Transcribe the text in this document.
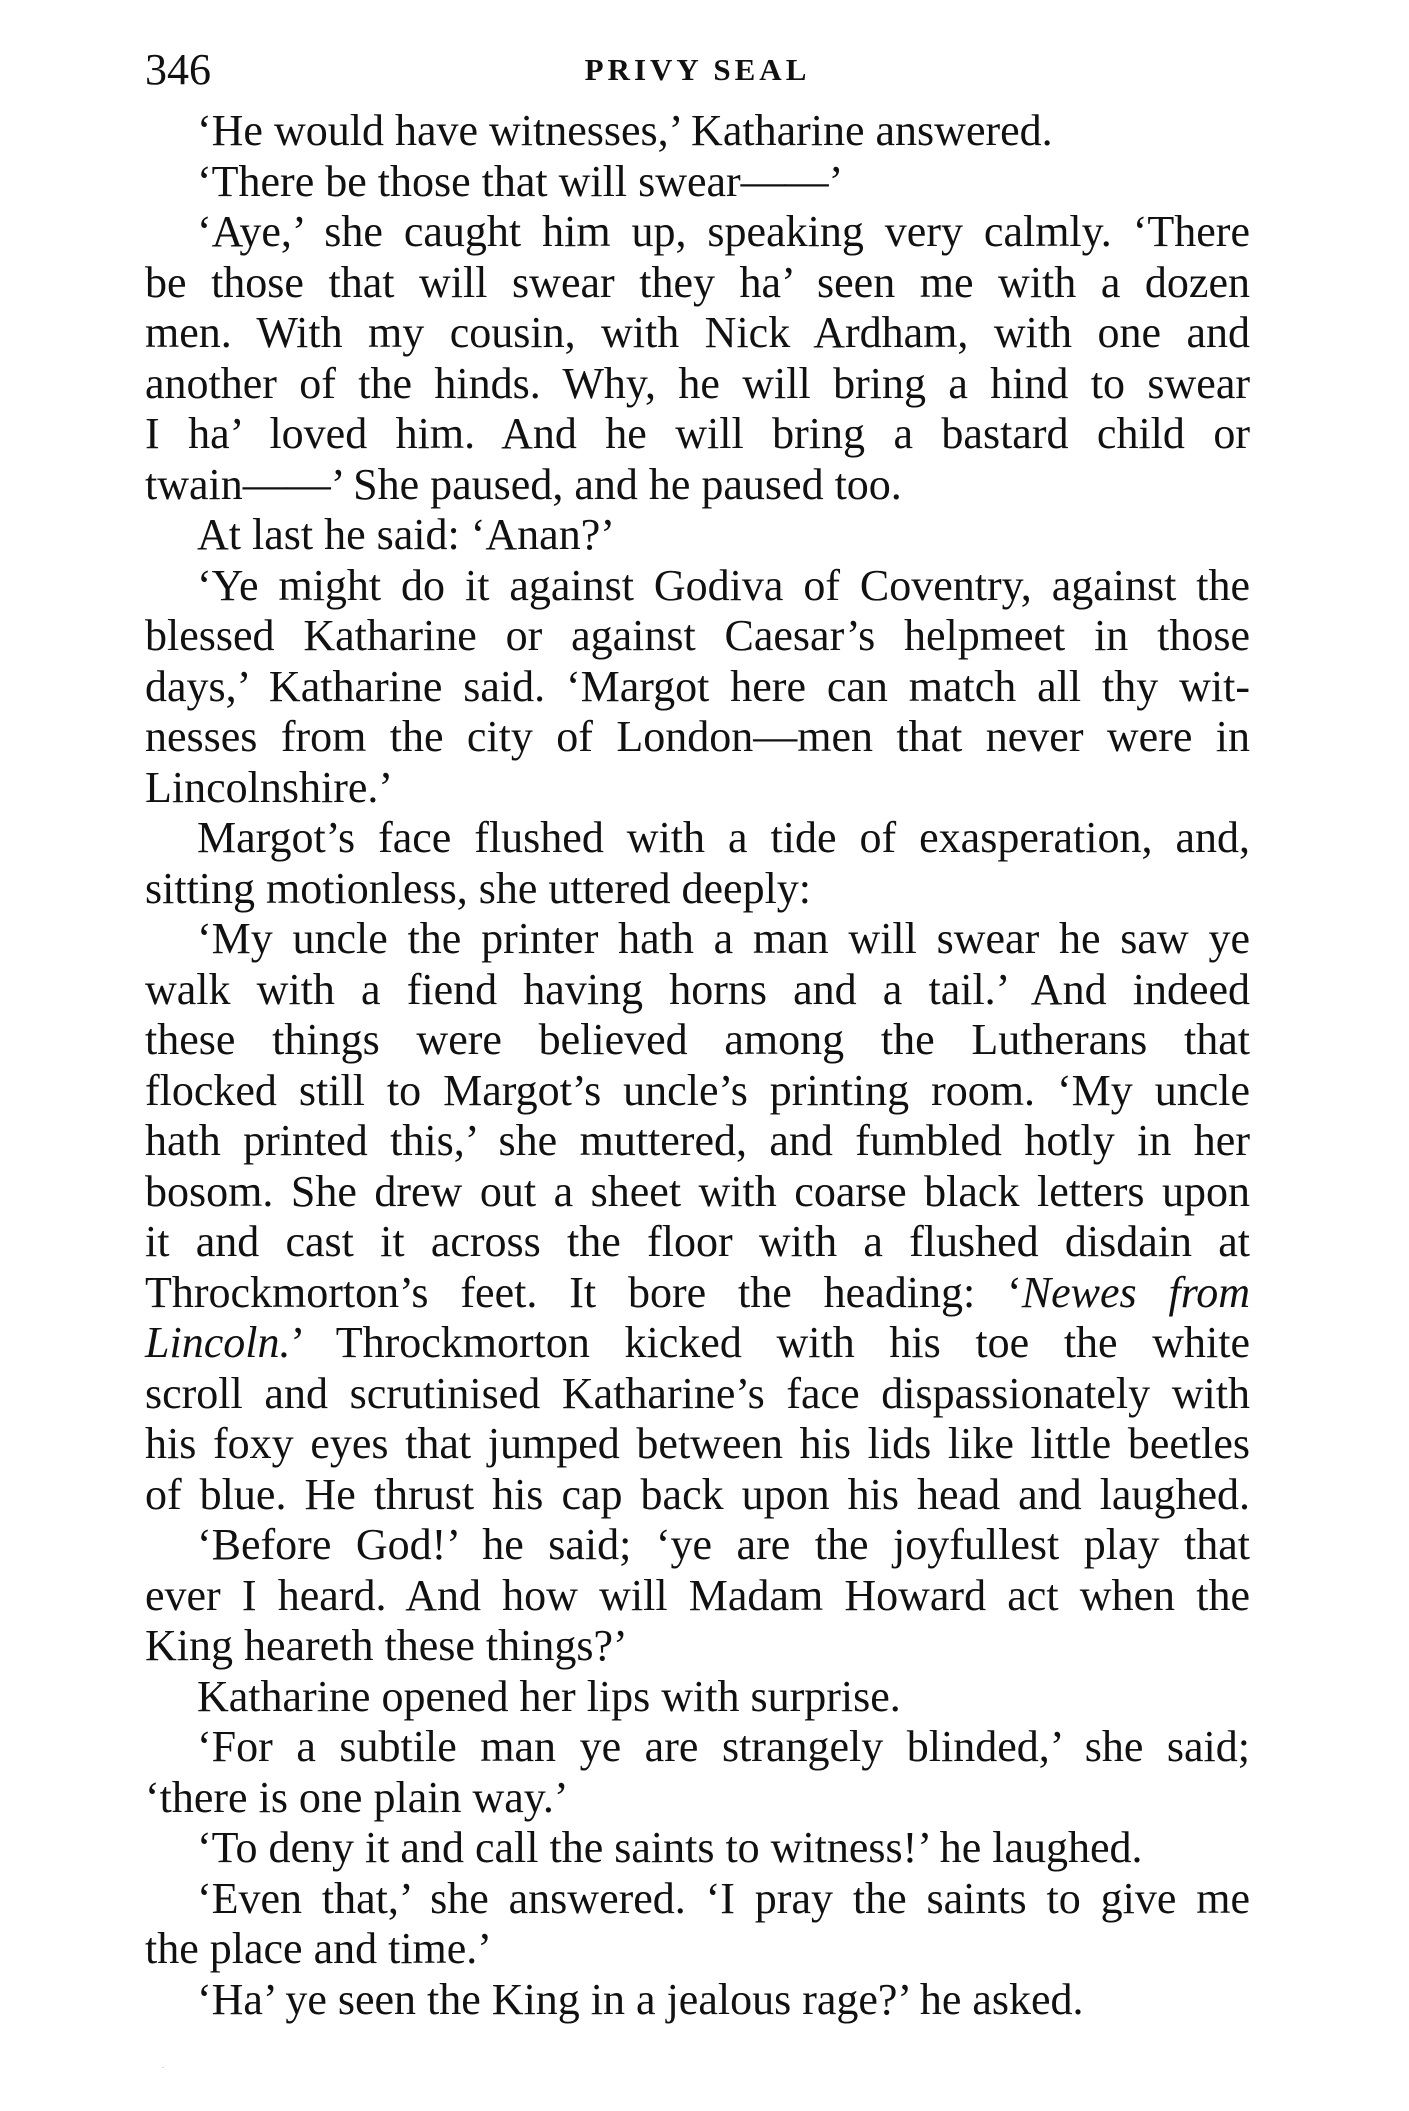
346	PRIVY SEAL
‘He would have witnesses,’ Katharine answered.
‘There be those that will swear——’
‘Aye,’ she caught him up, speaking very calmly. ‘There
be those that will swear they ha’ seen me with a dozen
men. With my cousin, with Nick Ardham, with one and
another of the hinds. Why, he will bring a hind to swear
I ha’ loved him. And he will bring a bastard child or
twain——’ She paused, and he paused too.
At last he said: ‘Anan?’
‘Ye might do it against Godiva of Coventry, against the
blessed Katharine or against Caesar’s helpmeet in those
days,’ Katharine said. ‘Margot here can match all thy wit-
nesses from the city of London—men that never were in
Lincolnshire.’
Margot’s face flushed with a tide of exasperation, and,
sitting motionless, she uttered deeply:
‘My uncle the printer hath a man will swear he saw ye
walk with a fiend having horns and a tail.’ And indeed
these things were believed among the Lutherans that
flocked still to Margot’s uncle’s printing room. ‘My uncle
hath printed this,’ she muttered, and fumbled hotly in her
bosom. She drew out a sheet with coarse black letters upon
it and cast it across the floor with a flushed disdain at
Throckmorton’s feet. It bore the heading: ‘Newes from
Lincoln.’ Throckmorton kicked with his toe the white
scroll and scrutinised Katharine’s face dispassionately with
his foxy eyes that jumped between his lids like little beetles
of blue. He thrust his cap back upon his head and laughed.
‘Before God!’ he said; ‘ye are the joyfullest play that
ever I heard. And how will Madam Howard act when the
King heareth these things?’
Katharine opened her lips with surprise.
‘For a subtile man ye are strangely blinded,’ she said;
‘there is one plain way.’
‘To deny it and call the saints to witness!’ he laughed.
‘Even that,’ she answered. ‘I pray the saints to give me
the place and time.’
‘Ha’ ye seen the King in a jealous rage?’ he asked.
.
